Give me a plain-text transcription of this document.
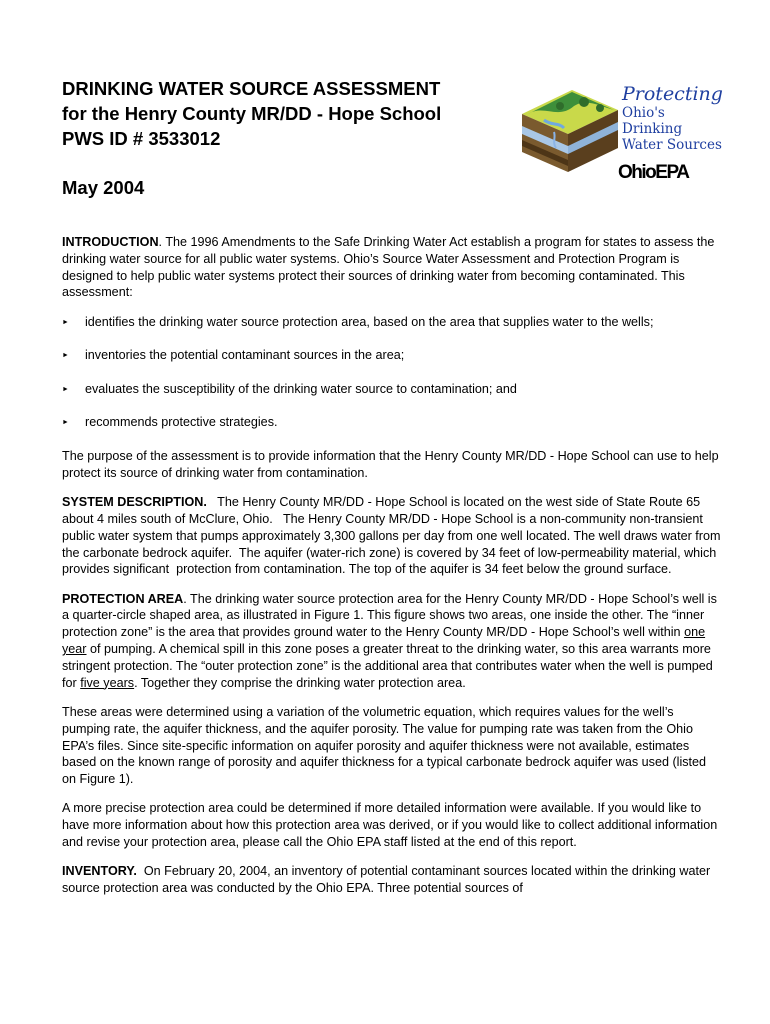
DRINKING WATER SOURCE ASSESSMENT
for the Henry County MR/DD - Hope School
PWS ID # 3533012
May 2004
Protecting
Ohio's Drinking
Water Sources
OhioEPA

INTRODUCTION. The 1996 Amendments to the Safe Drinking Water Act establish a program for states to assess the drinking water source for all public water systems. Ohio’s Source Water Assessment and Protection Program is designed to help public water systems protect their sources of drinking water from becoming contaminated. This assessment:

► identifies the drinking water source protection area, based on the area that supplies water to the wells;
► inventories the potential contaminant sources in the area;
► evaluates the susceptibility of the drinking water source to contamination; and
► recommends protective strategies.

The purpose of the assessment is to provide information that the Henry County MR/DD - Hope School can use to help protect its source of drinking water from contamination.

SYSTEM DESCRIPTION.   The Henry County MR/DD - Hope School is located on the west side of State Route 65 about 4 miles south of McClure, Ohio.   The Henry County MR/DD - Hope School is a non-community non-transient public water system that pumps approximately 3,300 gallons per day from one well located. The well draws water from the carbonate bedrock aquifer.  The aquifer (water-rich zone) is covered by 34 feet of low-permeability material, which provides significant  protection from contamination. The top of the aquifer is 34 feet below the ground surface.

PROTECTION AREA. The drinking water source protection area for the Henry County MR/DD - Hope School’s well is a quarter-circle shaped area, as illustrated in Figure 1. This figure shows two areas, one inside the other. The “inner protection zone” is the area that provides ground water to the Henry County MR/DD - Hope School’s well within one year of pumping. A chemical spill in this zone poses a greater threat to the drinking water, so this area warrants more stringent protection. The “outer protection zone” is the additional area that contributes water when the well is pumped for five years. Together they comprise the drinking water protection area.

These areas were determined using a variation of the volumetric equation, which requires values for the well’s pumping rate, the aquifer thickness, and the aquifer porosity. The value for pumping rate was taken from the Ohio EPA’s files. Since site-specific information on aquifer porosity and aquifer thickness were not available, estimates based on the known range of porosity and aquifer thickness for a typical carbonate bedrock aquifer was used (listed on Figure 1).

A more precise protection area could be determined if more detailed information were available. If you would like to have more information about how this protection area was derived, or if you would like to collect additional information and revise your protection area, please call the Ohio EPA staff listed at the end of this report.

INVENTORY.  On February 20, 2004, an inventory of potential contaminant sources located within the drinking water source protection area was conducted by the Ohio EPA. Three potential sources of
